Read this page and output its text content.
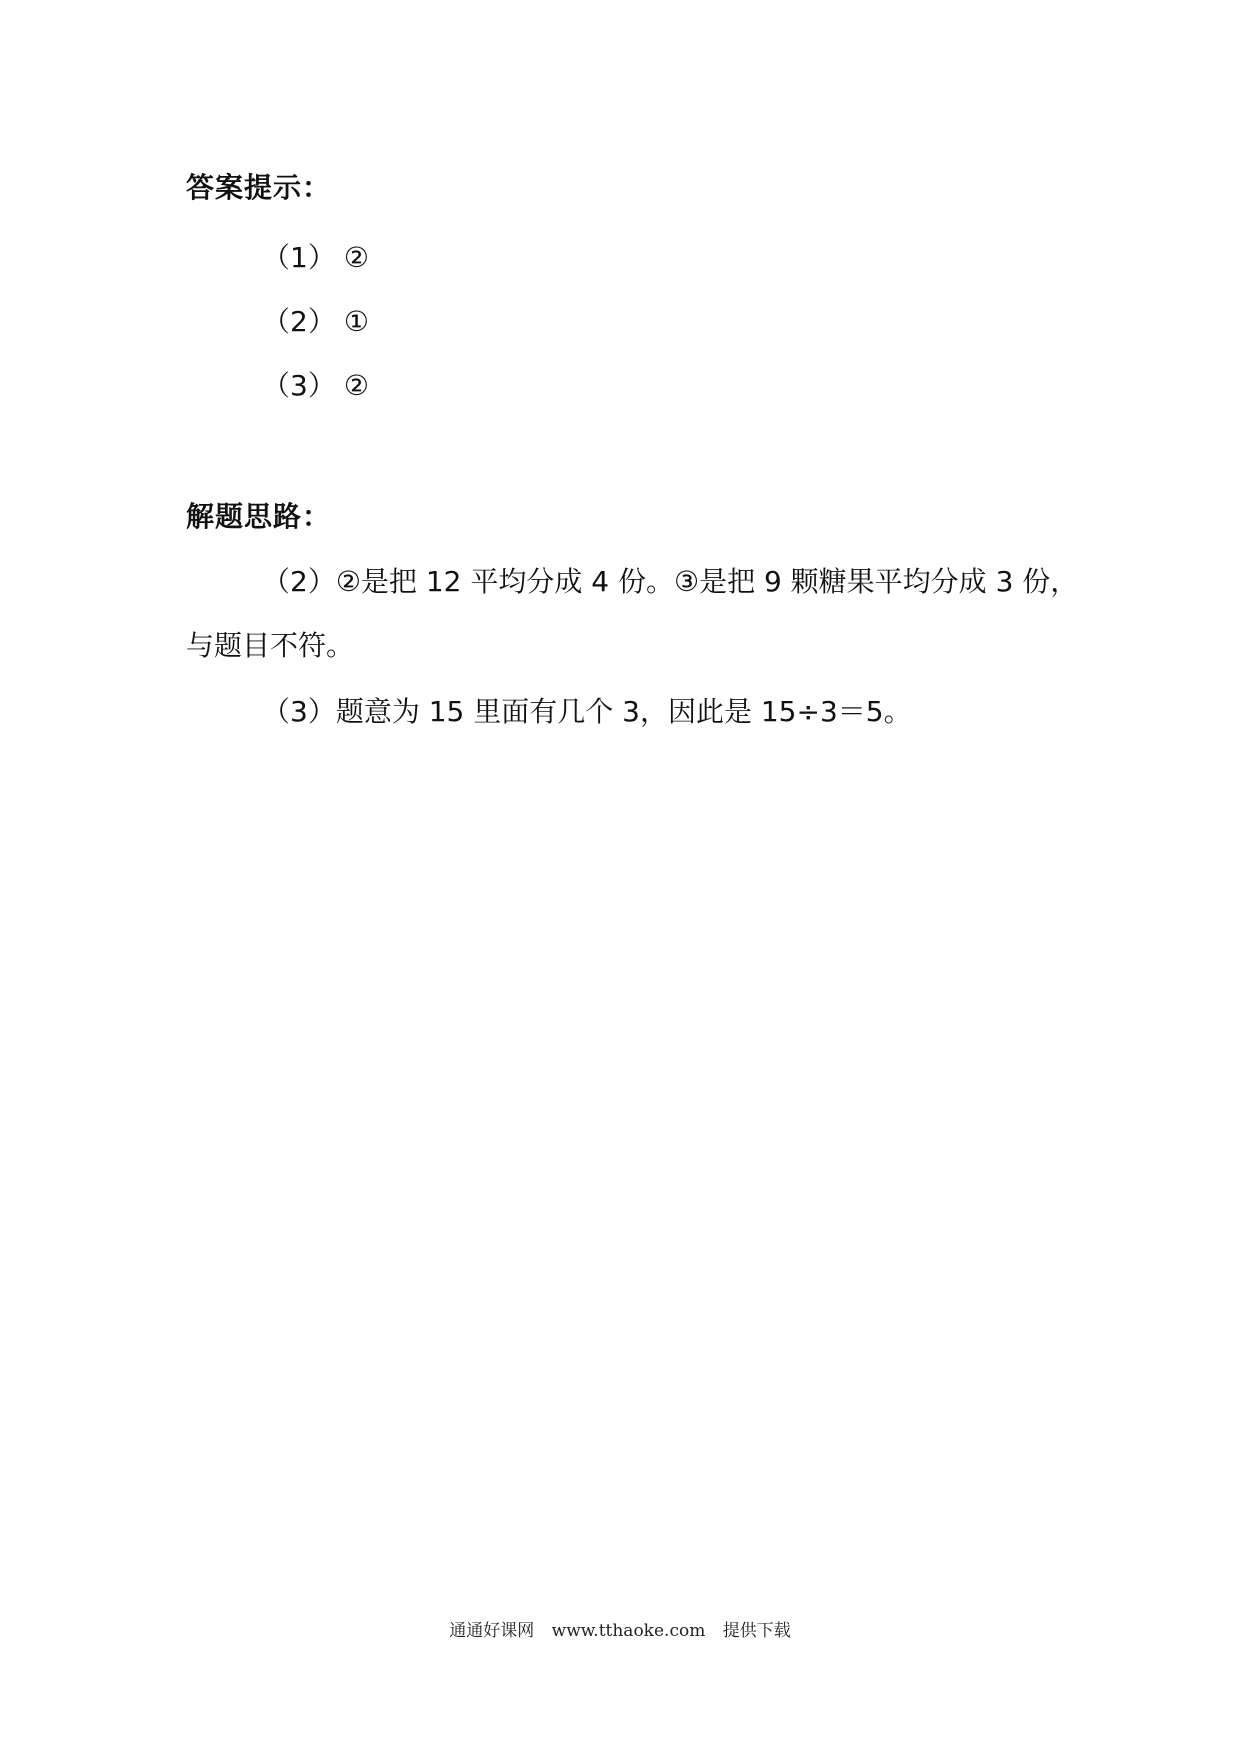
答案提示：
（1） ②
（2） ①
（3） ②
解题思路：
（2）②是把 12 平均分成 4 份。③是把 9 颗糖果平均分成 3 份，
与题目不符。
（3）题意为 15 里面有几个 3，因此是 15÷3＝5。
通通好课网 www.tthaoke.com 提供下载
